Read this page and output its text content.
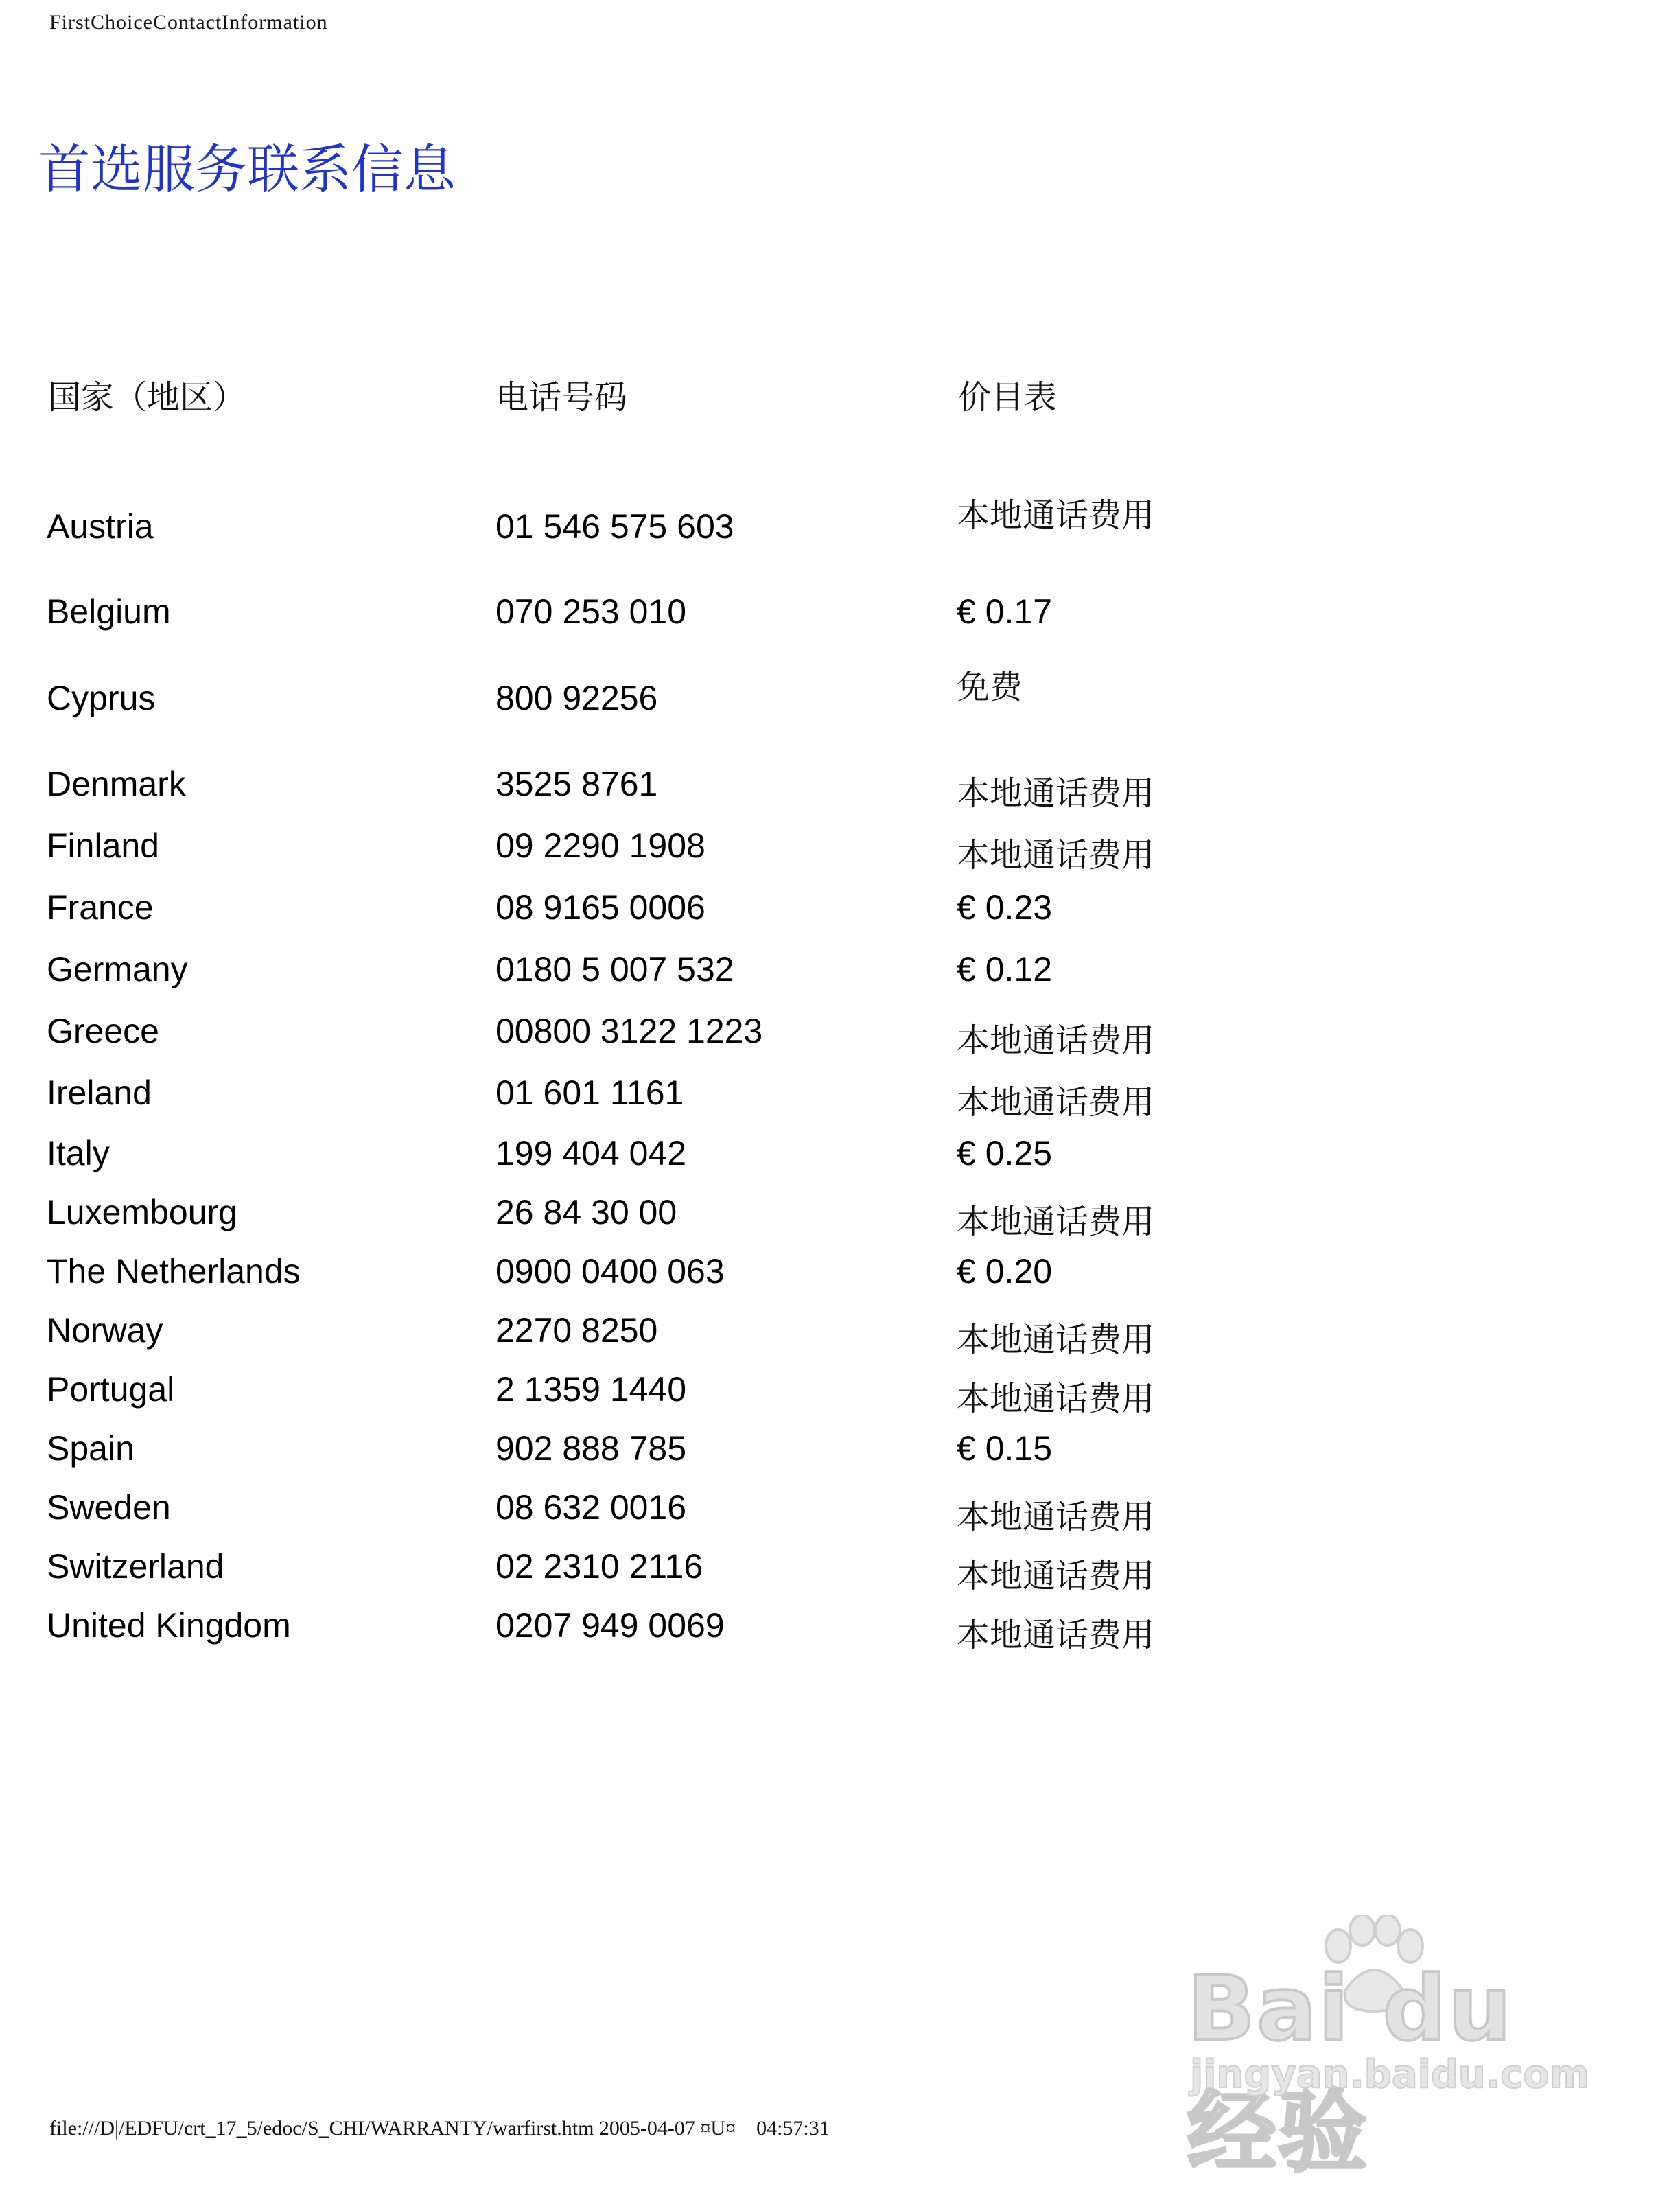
FirstChoiceContactInformation
首选服务联系信息
国家（地区）	电话号码	价目表
Austria	01 546 575 603	本地通话费用
Belgium	070 253 010	€ 0.17
Cyprus	800 92256	免费
Denmark	3525 8761	本地通话费用
Finland	09 2290 1908	本地通话费用
France	08 9165 0006	€ 0.23
Germany	0180 5 007 532	€ 0.12
Greece	00800 3122 1223	本地通话费用
Ireland	01 601 1161	本地通话费用
Italy	199 404 042	€ 0.25
Luxembourg	26 84 30 00	本地通话费用
The Netherlands	0900 0400 063	€ 0.20
Norway	2270 8250	本地通话费用
Portugal	2 1359 1440	本地通话费用
Spain	902 888 785	€ 0.15
Sweden	08 632 0016	本地通话费用
Switzerland	02 2310 2116	本地通话费用
United Kingdom	0207 949 0069	本地通话费用
file:///D|/EDFU/crt_17_5/edoc/S_CHI/WARRANTY/warfirst.htm 2005-04-07 ¤U¤    04:57:31
Bai du 经验
jingyan.baidu.com
